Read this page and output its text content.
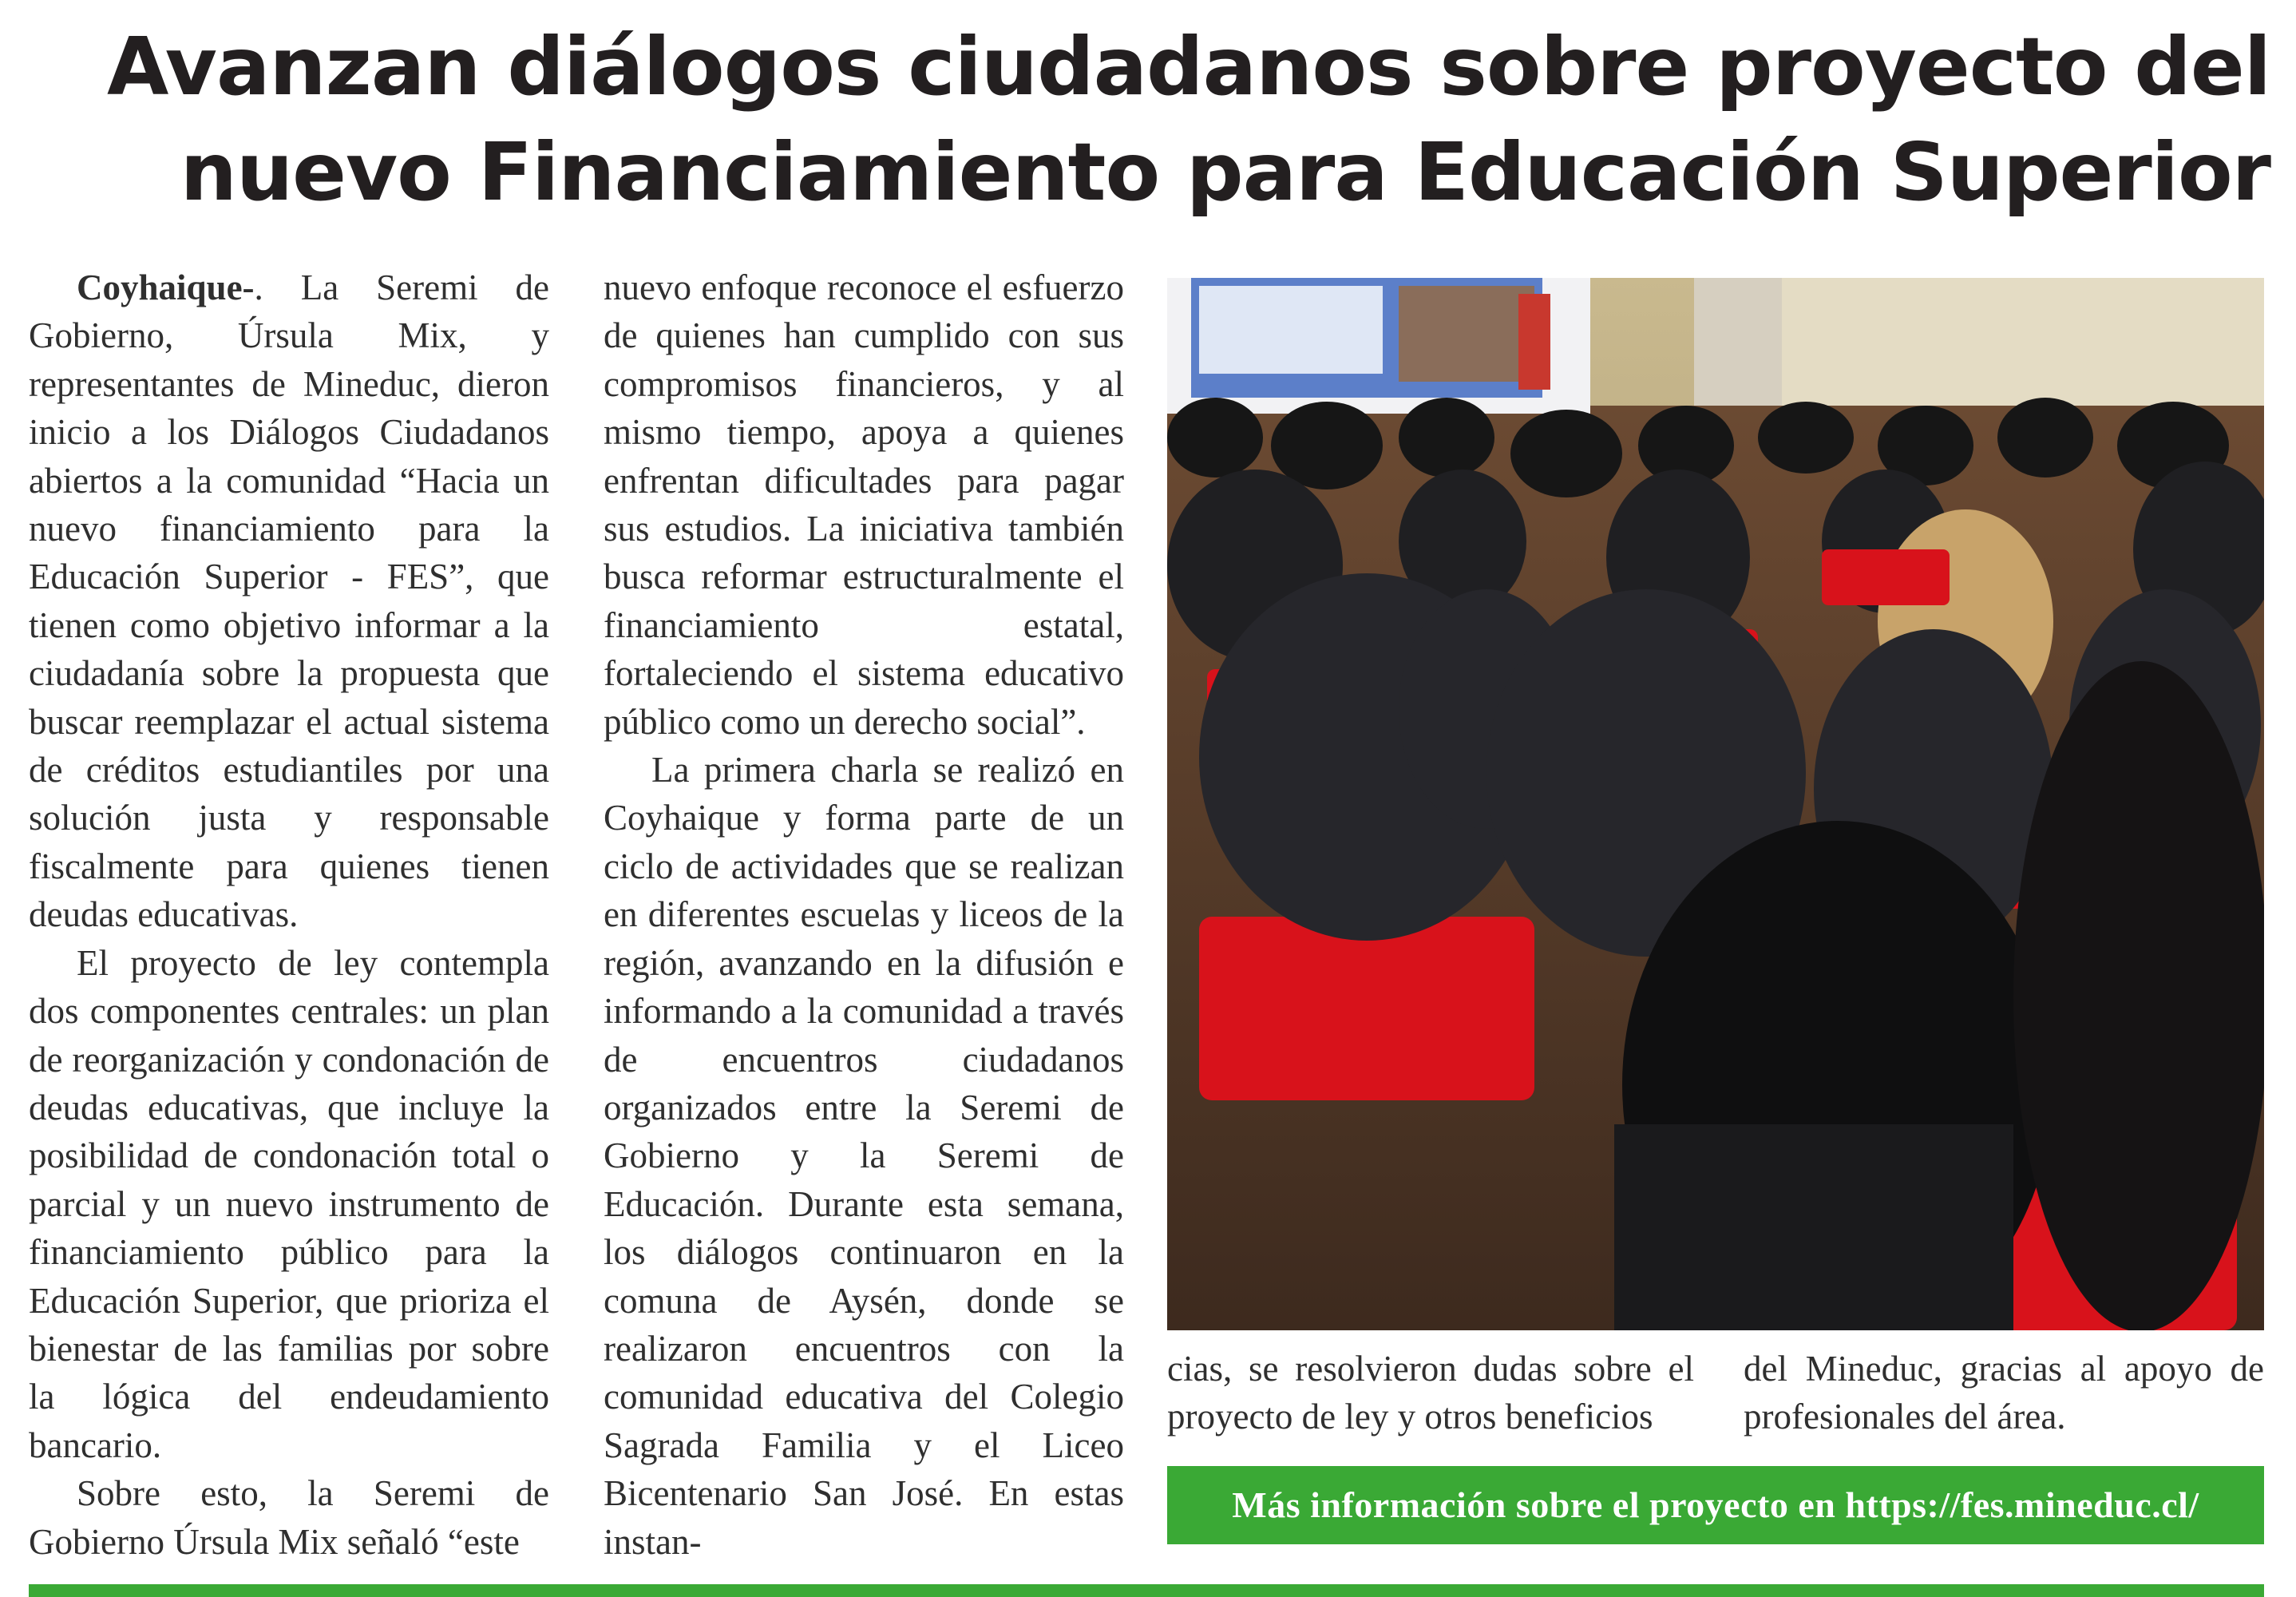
Avanzan diálogos ciudadanos sobre proyecto del nuevo Financiamiento para Educación Superior

Coyhaique-. La Seremi de Gobierno, Úrsula Mix, y representantes de Mineduc, dieron inicio a los Diálogos Ciudadanos abiertos a la comunidad “Hacia un nuevo financiamiento para la Educación Superior - FES”, que tienen como objetivo informar a la ciudadanía sobre la propuesta que buscar reemplazar el actual sistema de créditos estudiantiles por una solución justa y responsable fiscalmente para quienes tienen deudas educativas.

El proyecto de ley contempla dos componentes centrales: un plan de reorganización y condonación de deudas educativas, que incluye la posibilidad de condonación total o parcial y un nuevo instrumento de financiamiento público para la Educación Superior, que prioriza el bienestar de las familias por sobre la lógica del endeudamiento bancario.

Sobre esto, la Seremi de Gobierno Úrsula Mix señaló “este

nuevo enfoque reconoce el esfuerzo de quienes han cumplido con sus compromisos financieros, y al mismo tiempo, apoya a quienes enfrentan dificultades para pagar sus estudios. La iniciativa también busca reformar estructuralmente el financiamiento estatal, fortaleciendo el sistema educativo público como un derecho social”.

La primera charla se realizó en Coyhaique y forma parte de un ciclo de actividades que se realizan en diferentes escuelas y liceos de la región, avanzando en la difusión e informando a la comunidad a través de encuentros ciudadanos organizados entre la Seremi de Gobierno y la Seremi de Educación. Durante esta semana, los diálogos continuaron en la comuna de Aysén, donde se realizaron encuentros con la comunidad educativa del Colegio Sagrada Familia y el Liceo Bicentenario San José. En estas instan-

cias, se resolvieron dudas sobre el proyecto de ley y otros beneficios

del Mineduc, gracias al apoyo de profesionales del área.

Más información sobre el proyecto en https://fes.mineduc.cl/
